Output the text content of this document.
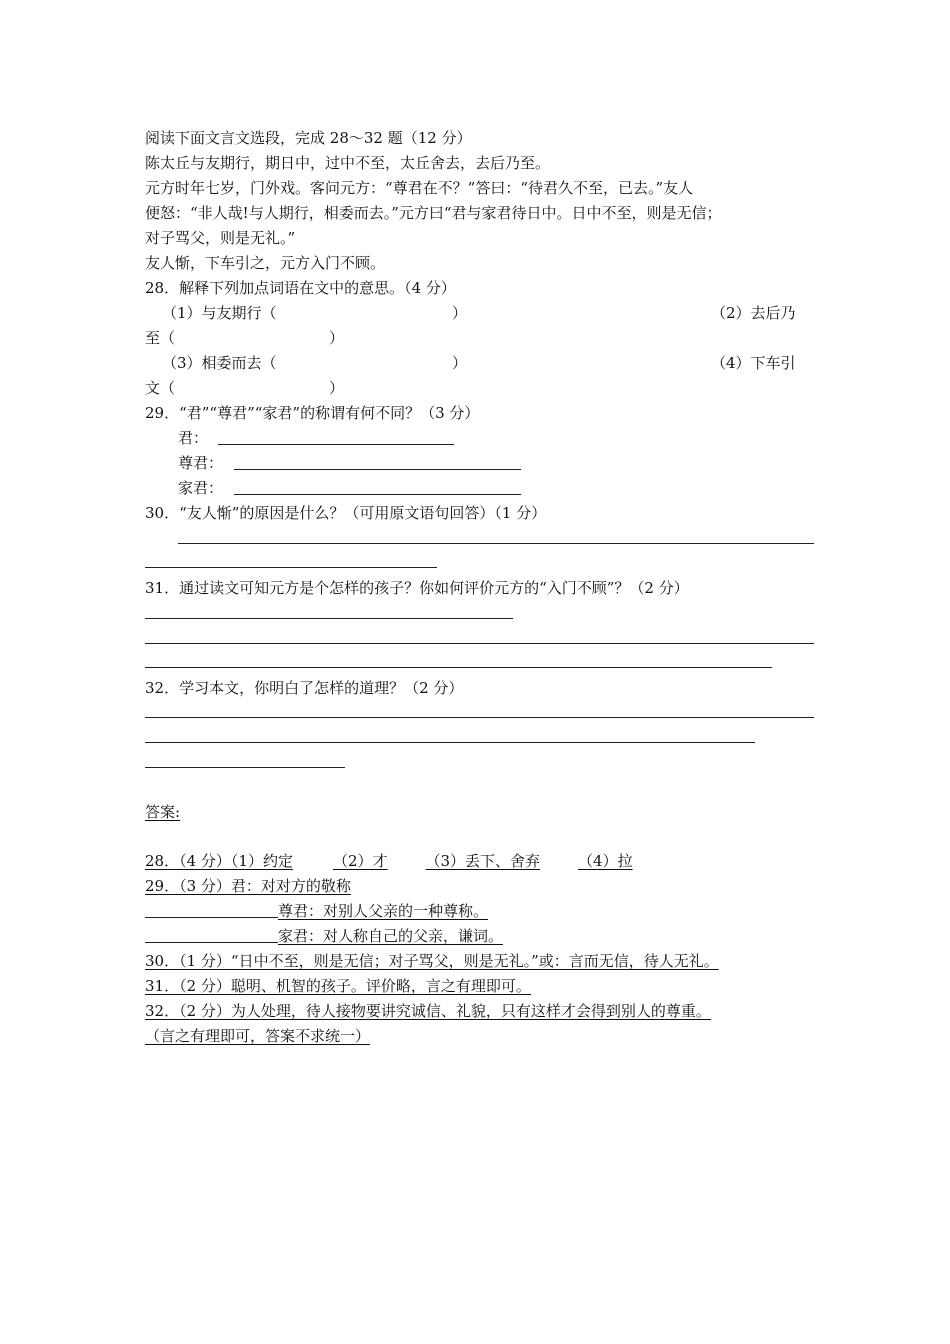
阅读下面文言文选段，完成 28～32 题（12 分）
陈太丘与友期行，期日中，过中不至，太丘舍去，去后乃至。
元方时年七岁，门外戏。客问元方：“尊君在不？”答曰：“待君久不至，已去。”友人
便怒：“非人哉!与人期行，相委而去。”元方曰“君与家君待日中。日中不至，则是无信；
对子骂父，则是无礼。”
友人惭，下车引之，元方入门不顾。
28．解释下列加点词语在文中的意思。（4 分）
（1）与友期行（	）	（2）去后乃
至（	）
（3）相委而去（	）	（4）下车引
文（	）
29．“君”“尊君”“家君”的称谓有何不同？（3 分）
君：
尊君：
家君：
30．“友人惭”的原因是什么？（可用原文语句回答）（1 分）
31．通过读文可知元方是个怎样的孩子？你如何评价元方的“入门不顾”？（2 分）
32．学习本文，你明白了怎样的道理？（2 分）
答案:
28．（4 分）（1）约定	（2）才	（3）丢下、舍弃	（4）拉
29．（3 分）君：对对方的敬称
尊君：对别人父亲的一种尊称。
家君：对人称自己的父亲，谦词。
30．（1 分）“日中不至，则是无信；对子骂父，则是无礼。”或：言而无信，待人无礼。
31．（2 分）聪明、机智的孩子。评价略，言之有理即可。
32．（2 分）为人处理，待人接物要讲究诚信、礼貌，只有这样才会得到别人的尊重。
（言之有理即可，答案不求统一）
